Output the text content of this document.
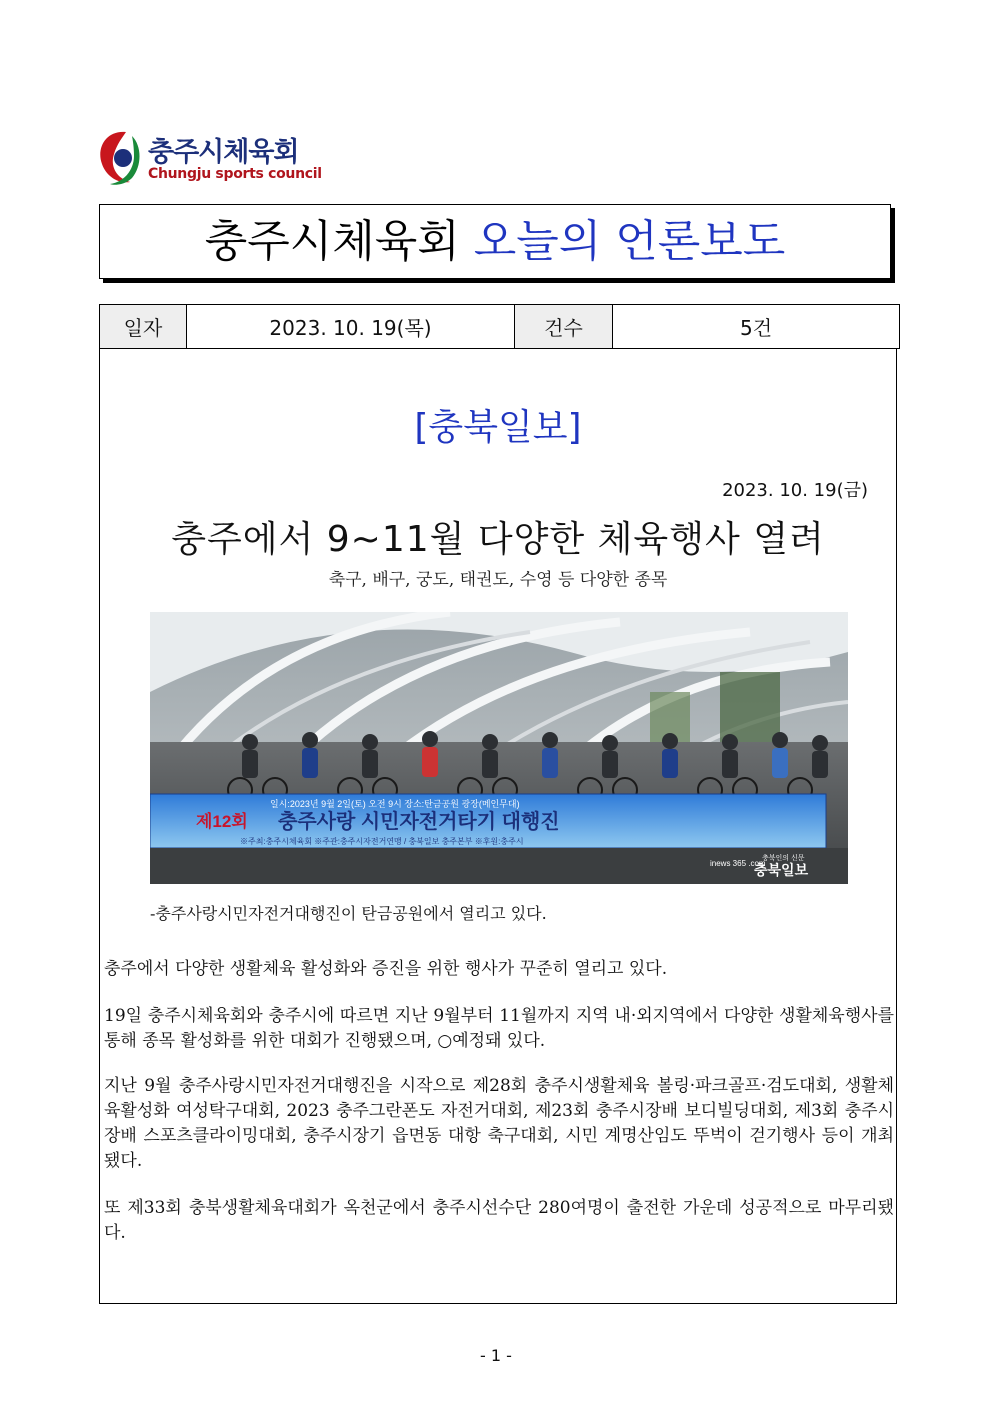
충주시체육회
Chungju sports council
충주시체육회 오늘의 언론보도
일자	2023. 10. 19(목)	건수	5건
[충북일보]
2023. 10. 19(금)
충주에서 9~11월 다양한 체육행사 열려
축구, 배구, 궁도, 태권도, 수영 등 다양한 종목
일시:2023년 9월 2일(토) 오전 9시 장소:탄금공원 광장(메인무대)
제12회 충주사랑 시민자전거타기 대행진
※주최:충주시체육회 ※주관:충주시자전거연맹 / 충북일보 충주본부 ※후원:충주시
inews 365 .com
충북인의 신문
충북일보
-충주사랑시민자전거대행진이 탄금공원에서 열리고 있다.
충주에서 다양한 생활체육 활성화와 증진을 위한 행사가 꾸준히 열리고 있다.
19일 충주시체육회와 충주시에 따르면 지난 9월부터 11월까지 지역 내·외지역에서 다양한 생활체육행사를 통해 종목 활성화를 위한 대회가 진행됐으며, ○예정돼 있다.
지난 9월 충주사랑시민자전거대행진을 시작으로 제28회 충주시생활체육 볼링·파크골프·검도대회, 생활체육활성화 여성탁구대회, 2023 충주그란폰도 자전거대회, 제23회 충주시장배 보디빌딩대회, 제3회 충주시장배 스포츠클라이밍대회, 충주시장기 읍면동 대항 축구대회, 시민 계명산임도 뚜벅이 걷기행사 등이 개최됐다.
또 제33회 충북생활체육대회가 옥천군에서 충주시선수단 280여명이 출전한 가운데 성공적으로 마무리됐다.
- 1 -
